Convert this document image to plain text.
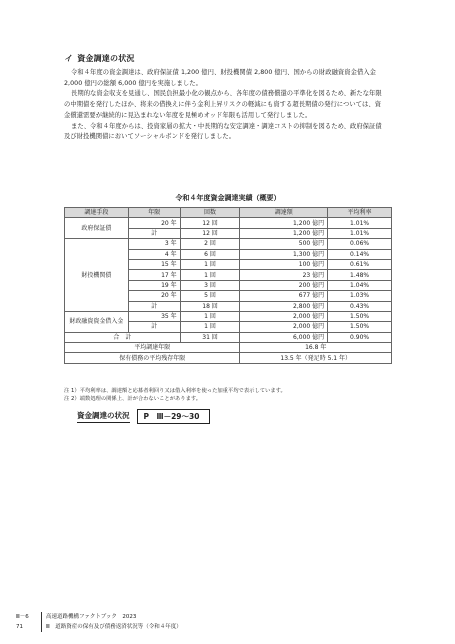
イ 資金調達の状況

令和４年度の資金調達は、政府保証債 1,200 億円、財投機関債 2,800 億円、国からの財政融資資金借入金 2,000 億円の総額 6,000 億円を実施しました。

長期的な資金収支を見通し、国民負担最小化の観点から、各年度の債務償還の平準化を図るため、新たな年限の中期債を発行したほか、将来の借換えに伴う金利上昇リスクの軽減にも資する超長期債の発行については、資金償還需要が継続的に見込まれない年度を見極めオッド年限も活用して発行しました。

また、令和４年度からは、投資家層の拡大・中長期的な安定調達・調達コストの抑制を図るため、政府保証債及び財投機関債においてソーシャルボンドを発行しました。

令和４年度資金調達実績（概要）
調達手段	年限	回数	調達額	平均利率
政府保証債	20 年	12 回	1,200 億円	1.01%
	計	12 回	1,200 億円	1.01%
財投機関債	3 年	2 回	500 億円	0.06%
	4 年	6 回	1,300 億円	0.14%
	15 年	1 回	100 億円	0.61%
	17 年	1 回	23 億円	1.48%
	19 年	3 回	200 億円	1.04%
	20 年	5 回	677 億円	1.03%
	計	18 回	2,800 億円	0.43%
財政融資資金借入金	35 年	1 回	2,000 億円	1.50%
	計	1 回	2,000 億円	1.50%
合　計		31 回	6,000 億円	0.90%
平均調達年限			16.8 年	
保有債務の平均残存年限			13.5 年（発足時 5.1 年）	
注 1）平均利率は、調達額と応募者利回り又は借入利率を使った加重平均で表示しています。
注 2）端数処理の関係上、計が合わないことがあります。
資金調達の状況	P　Ⅲ－29～30
Ⅲ－6	高速道路機構ファクトブック　2023
71	Ⅲ　道路資産の保有及び債務返済状況等（令和４年度）
